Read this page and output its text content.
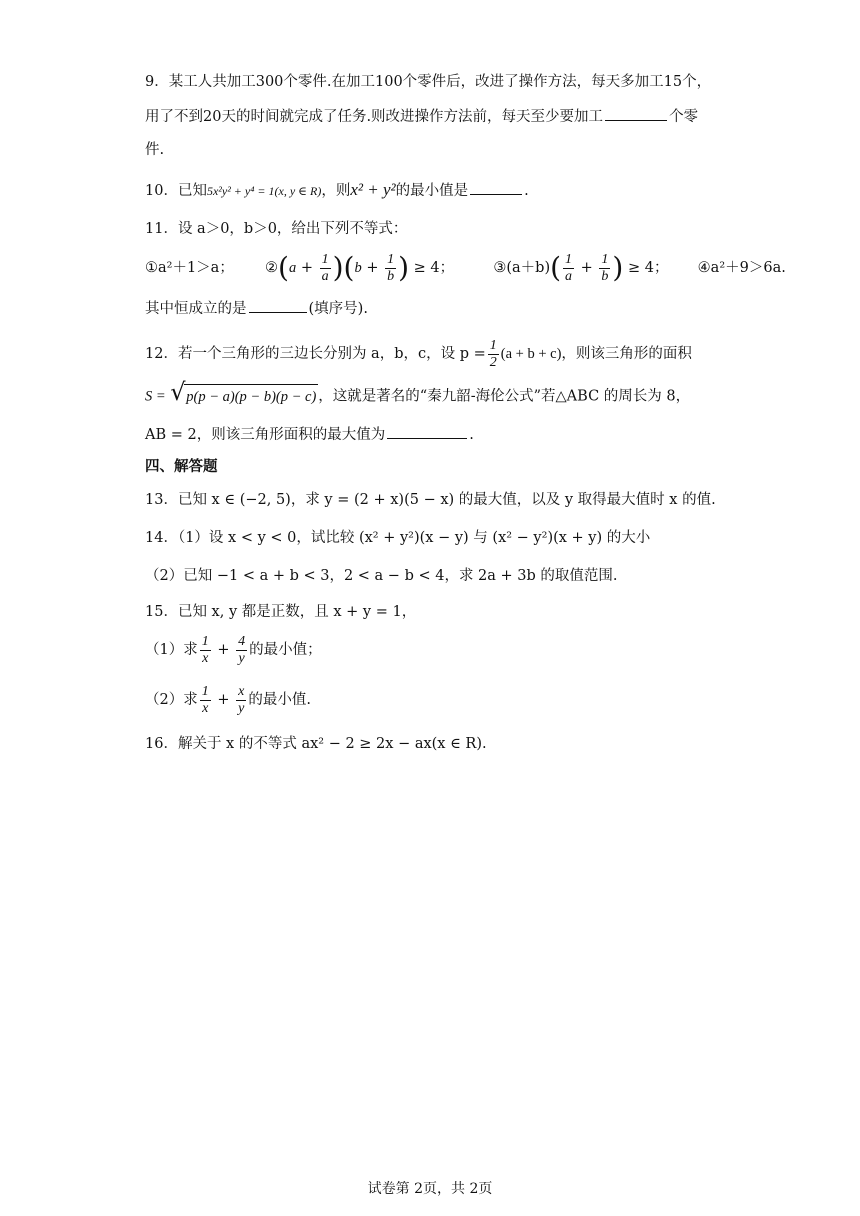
9．某工人共加工300个零件.在加工100个零件后，改进了操作方法，每天多加工15个，
用了不到20天的时间就完成了任务.则改进操作方法前，每天至少要加工	个零
件.
10．已知5x²y² + y⁴ = 1(x, y ∈ R)，则x² + y²的最小值是	.
11．设 a＞0，b＞0，给出下列不等式：
①a²＋1＞a； ②(a + $\frac{1}{a} )(b + \frac{1}{b}$ ) ≥ 4；	③(a＋b)( $\frac{1}{a} + \frac{1}{b}$ ) ≥ 4； ④a²＋9＞6a.
其中恒成立的是	(填序号).
12．若一个三角形的三边长分别为 a，b，c，设 $p = \frac{1}{2} (a + b + c)$，则该三角形的面积
S = √ p(p − a)(p − b)(p − c) ，这就是著名的“秦九韶-海伦公式”若△ABC 的周长为 8，
AB = 2，则该三角形面积的最大值为	.
四、解答题
13．已知 x ∈ (−2, 5)，求 y = (2 + x)(5 − x) 的最大值，以及 y 取得最大值时 x 的值.
14．（1）设 x < y < 0，试比较 (x² + y²)(x − y) 与 (x² − y²)(x + y) 的大小
（2）已知 −1 < a + b < 3，2 < a − b < 4，求 2a + 3b 的取值范围.
15．已知 x, y 都是正数，且 x + y = 1，
（1）求 $\frac{1}{x} + \frac{4}{y}$ 的最小值；
（2）求 $\frac{1}{x} + \frac{x}{y}$ 的最小值.
16．解关于 x 的不等式 ax² − 2 ≥ 2x − ax(x ∈ R).
试卷第 2页，共 2页
